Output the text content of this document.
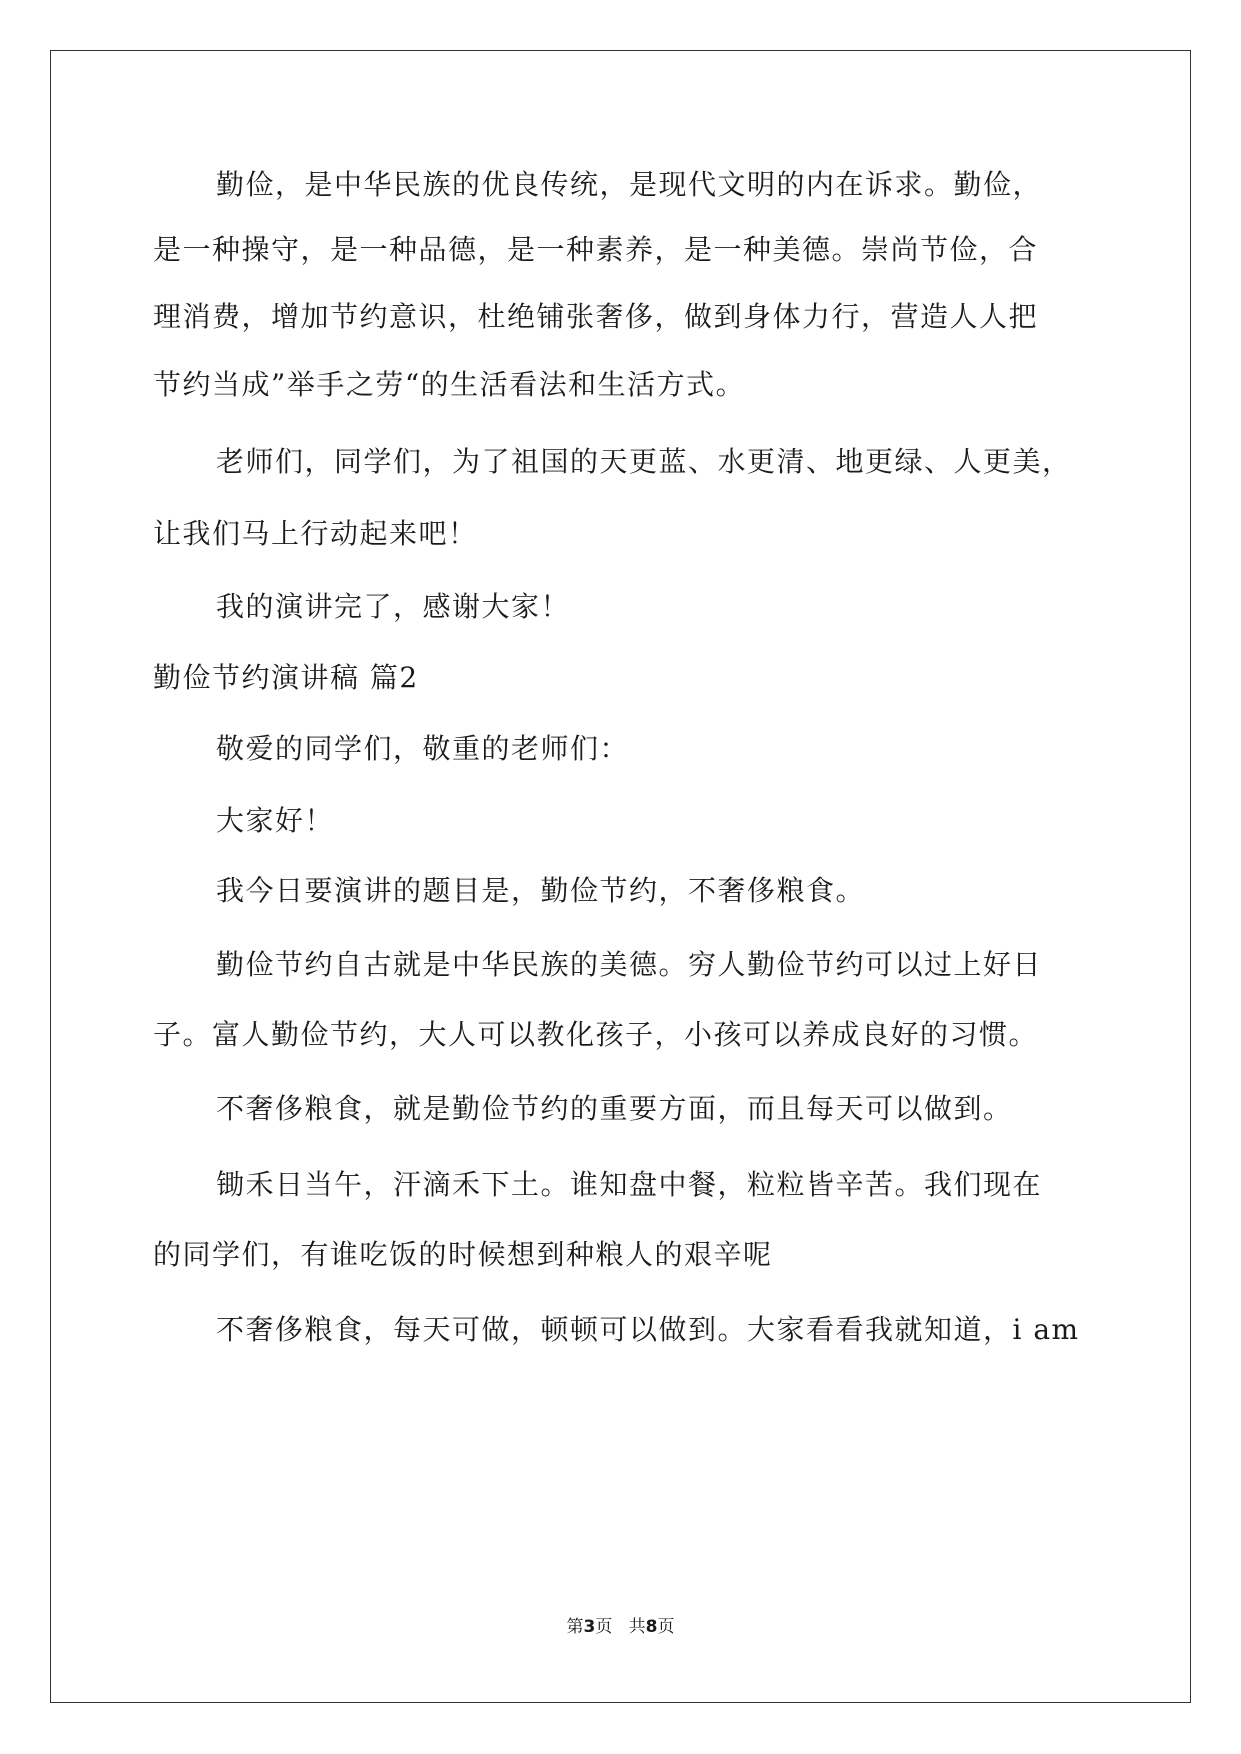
勤俭，是中华民族的优良传统，是现代文明的内在诉求。勤俭，
是一种操守，是一种品德，是一种素养，是一种美德。崇尚节俭，合
理消费，增加节约意识，杜绝铺张奢侈，做到身体力行，营造人人把
节约当成”举手之劳“的生活看法和生活方式。
老师们，同学们，为了祖国的天更蓝、水更清、地更绿、人更美，
让我们马上行动起来吧！
我的演讲完了，感谢大家！
勤俭节约演讲稿 篇2
敬爱的同学们，敬重的老师们：
大家好！
我今日要演讲的题目是，勤俭节约，不奢侈粮食。
勤俭节约自古就是中华民族的美德。穷人勤俭节约可以过上好日
子。富人勤俭节约，大人可以教化孩子，小孩可以养成良好的习惯。
不奢侈粮食，就是勤俭节约的重要方面，而且每天可以做到。
锄禾日当午，汗滴禾下土。谁知盘中餐，粒粒皆辛苦。我们现在
的同学们，有谁吃饭的时候想到种粮人的艰辛呢
不奢侈粮食，每天可做，顿顿可以做到。大家看看我就知道，i am
第3页 共8页
